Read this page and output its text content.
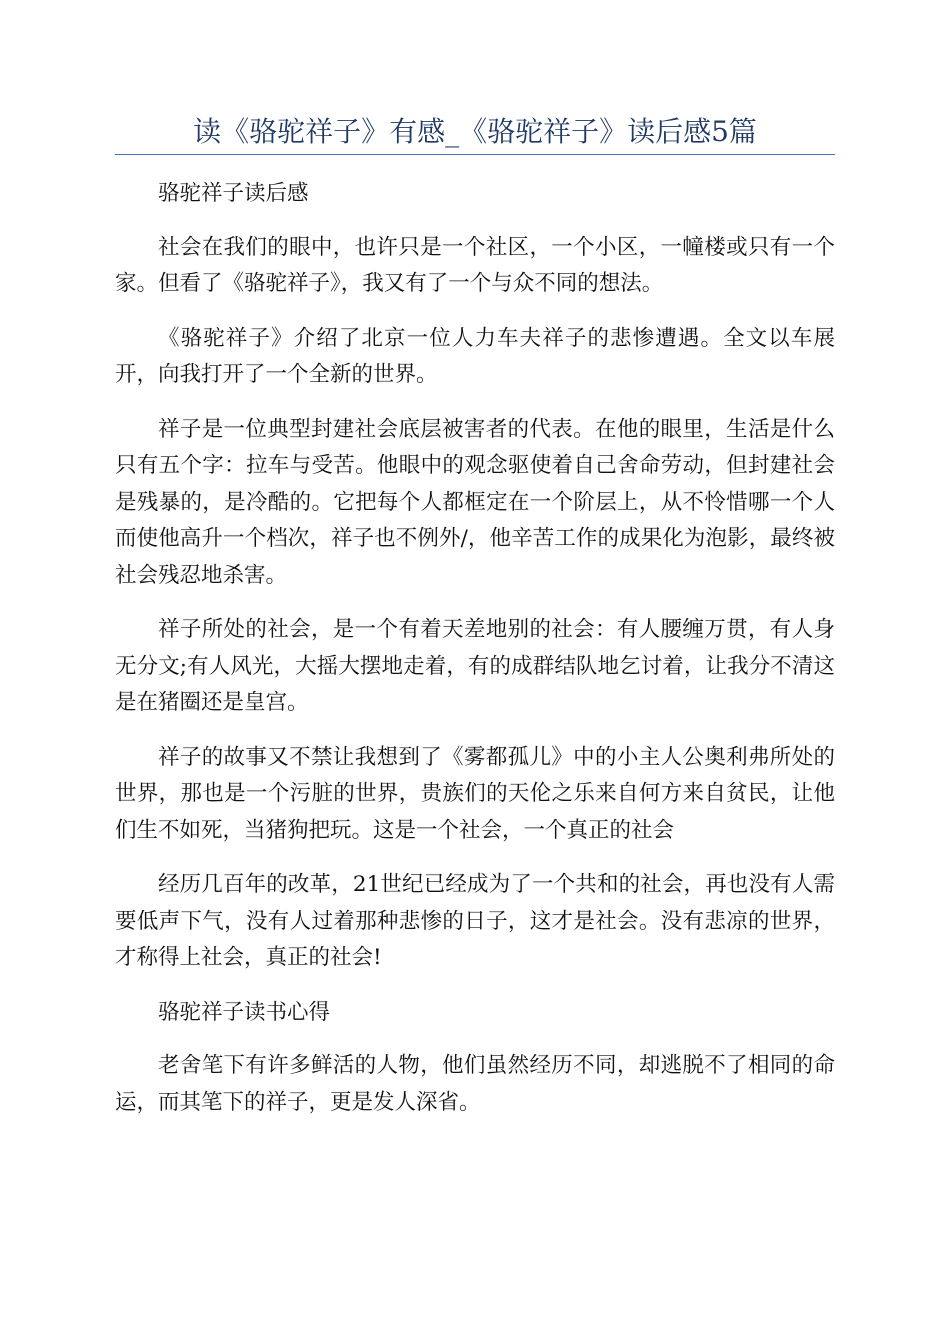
读《骆驼祥子》有感_《骆驼祥子》读后感5篇

骆驼祥子读后感

社会在我们的眼中，也许只是一个社区，一个小区，一幢楼或只有一个家。但看了《骆驼祥子》，我又有了一个与众不同的想法。

《骆驼祥子》介绍了北京一位人力车夫祥子的悲惨遭遇。全文以车展开，向我打开了一个全新的世界。

祥子是一位典型封建社会底层被害者的代表。在他的眼里，生活是什么只有五个字：拉车与受苦。他眼中的观念驱使着自己舍命劳动，但封建社会是残暴的，是冷酷的。它把每个人都框定在一个阶层上，从不怜惜哪一个人而使他高升一个档次，祥子也不例外/，他辛苦工作的成果化为泡影，最终被社会残忍地杀害。

祥子所处的社会，是一个有着天差地别的社会：有人腰缠万贯，有人身无分文;有人风光，大摇大摆地走着，有的成群结队地乞讨着，让我分不清这是在猪圈还是皇宫。

祥子的故事又不禁让我想到了《雾都孤儿》中的小主人公奥利弗所处的世界，那也是一个污脏的世界，贵族们的天伦之乐来自何方来自贫民，让他们生不如死，当猪狗把玩。这是一个社会，一个真正的社会

经历几百年的改革，21世纪已经成为了一个共和的社会，再也没有人需要低声下气，没有人过着那种悲惨的日子，这才是社会。没有悲凉的世界，才称得上社会，真正的社会!

骆驼祥子读书心得

老舍笔下有许多鲜活的人物，他们虽然经历不同，却逃脱不了相同的命运，而其笔下的祥子，更是发人深省。
